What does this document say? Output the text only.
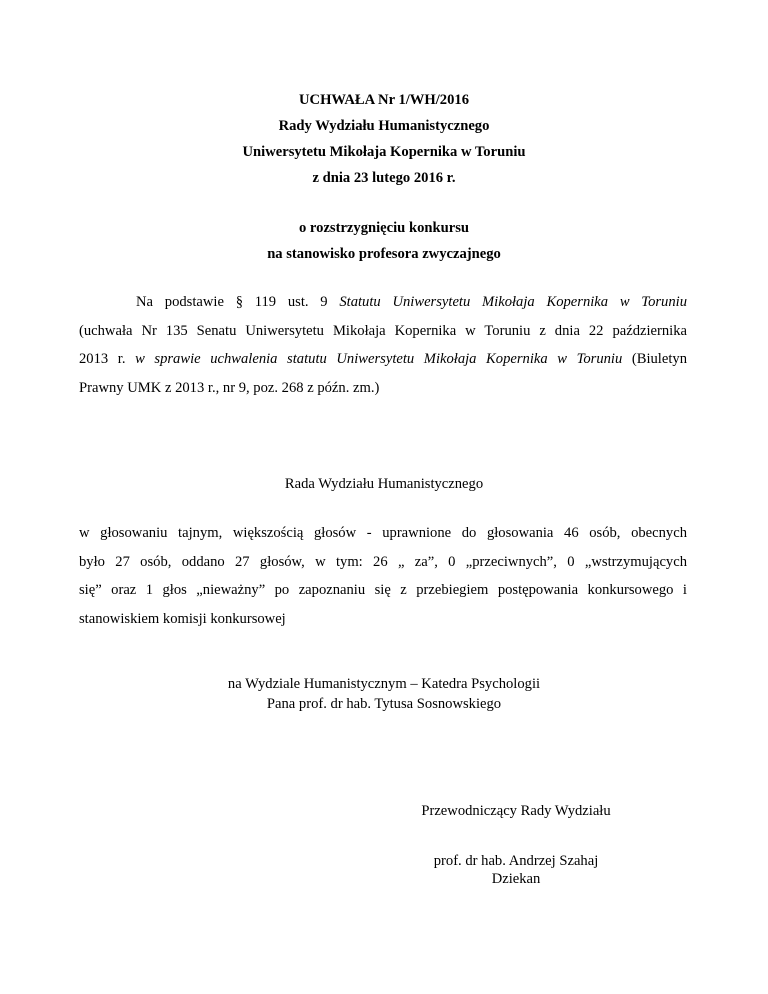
UCHWAŁA Nr 1/WH/2016
Rady Wydziału Humanistycznego
Uniwersytetu Mikołaja Kopernika w Toruniu
z dnia 23 lutego 2016 r.
o rozstrzygnięciu konkursu
na stanowisko profesora zwyczajnego
Na podstawie § 119 ust. 9 Statutu Uniwersytetu Mikołaja Kopernika w Toruniu
(uchwała Nr 135 Senatu Uniwersytetu Mikołaja Kopernika w Toruniu z dnia 22 października
2013 r. w sprawie uchwalenia statutu Uniwersytetu Mikołaja Kopernika w Toruniu (Biuletyn
Prawny UMK z 2013 r., nr 9, poz. 268 z późn. zm.)
Rada Wydziału Humanistycznego
w głosowaniu tajnym, większością głosów - uprawnione do głosowania 46 osób, obecnych
było 27 osób, oddano 27 głosów, w tym: 26 „ za”, 0 „przeciwnych”, 0 „wstrzymujących
się” oraz 1 głos „nieważny” po zapoznaniu się z przebiegiem postępowania konkursowego i
stanowiskiem komisji konkursowej
na Wydziale Humanistycznym – Katedra Psychologii
Pana prof. dr hab. Tytusa Sosnowskiego
Przewodniczący Rady Wydziału
prof. dr hab. Andrzej Szahaj
Dziekan
